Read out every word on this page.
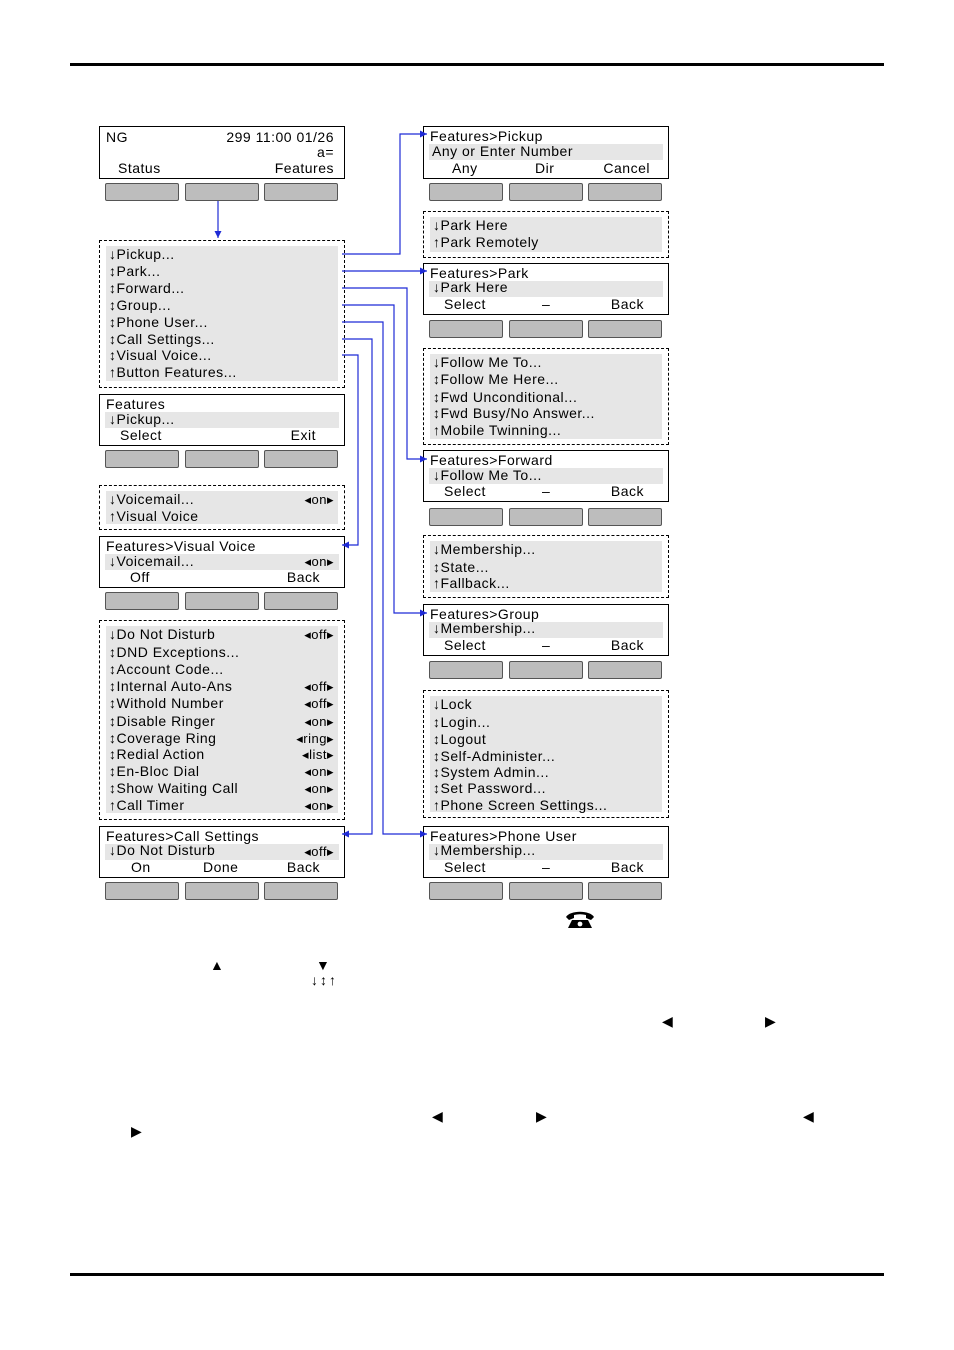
NG	299 11:00 01/26
a=
Status	Features
↓Pickup...
↕Park...
↕Forward...
↕Group...
↕Phone User...
↕Call Settings...
↕Visual Voice...
↑Button Features...
Features
↓Pickup...
Select	Exit
↓Voicemail...	◂on▸
↑Visual Voice
Features>Visual Voice
↓Voicemail...	◂on▸
Off	Back
↓Do Not Disturb	◂off▸
↕DND Exceptions...
↕Account Code...
↕Internal Auto-Ans	◂off▸
↕Withold Number	◂off▸
↕Disable Ringer	◂on▸
↕Coverage Ring	◂ring▸
↕Redial Action	◂list▸
↕En-Bloc Dial	◂on▸
↕Show Waiting Call	◂on▸
↑Call Timer	◂on▸
Features>Call Settings
↓Do Not Disturb	◂off▸
On	Done	Back
Features>Pickup
Any or Enter Number
Any	Dir	Cancel
↓Park Here
↑Park Remotely
Features>Park
↓Park Here
Select	–	Back
↓Follow Me To...
↕Follow Me Here...
↕Fwd Unconditional...
↕Fwd Busy/No Answer...
↑Mobile Twinning...
Features>Forward
↓Follow Me To...
Select	–	Back
↓Membership...
↕State...
↑Fallback...
Features>Group
↓Membership...
Select	–	Back
↓Lock
↕Login...
↕Logout
↕Self-Administer...
↕System Admin...
↕Set Password...
↑Phone Screen Settings...
Features>Phone User
↓Membership...
Select	–	Back
▲	▼
↓↕↑
◀	▶
◀	▶	◀
▶
